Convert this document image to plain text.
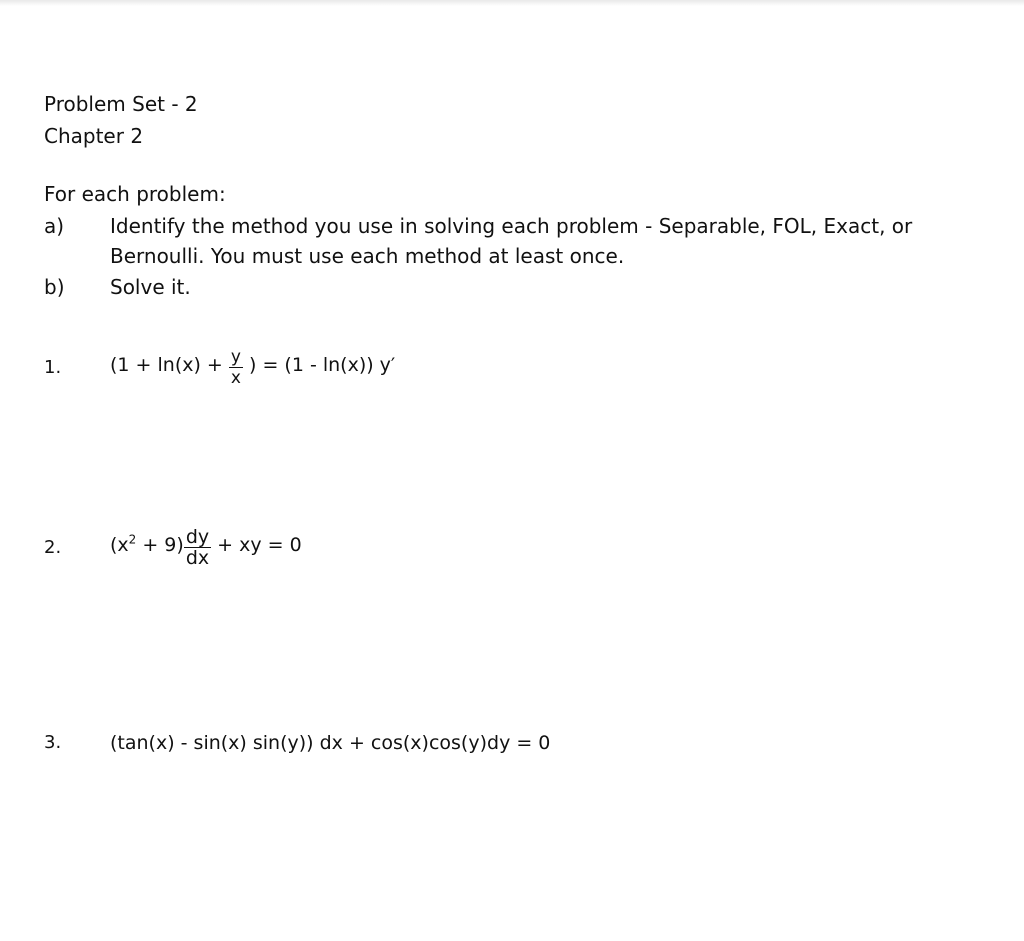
Problem Set - 2
Chapter 2
For each problem:
a) Identify the method you use in solving each problem - Separable, FOL, Exact, or
Bernoulli. You must use each method at least once.
b) Solve it.
1.	($1 + \ln(x) + \frac{y}{x}$ ) = (1 - ln(x)) y′
2.	$(x^2 + 9) \frac{dy}{dx}$ + xy = 0
3.	(tan(x) - sin(x) sin(y)) dx + cos(x)cos(y)dy = 0
